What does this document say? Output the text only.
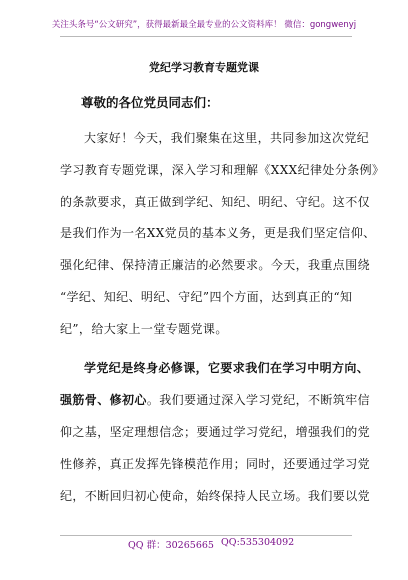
关注头条号“公文研究”，获得最新最全最专业的公文资料库！ 微信：gongwenyj
党纪学习教育专题党课
尊敬的各位党员同志们：
大家好！今天，我们聚集在这里，共同参加这次党纪
学习教育专题党课，深入学习和理解《XXX纪律处分条例》
的条款要求，真正做到学纪、知纪、明纪、守纪。这不仅
是我们作为一名XX党员的基本义务，更是我们坚定信仰、
强化纪律、保持清正廉洁的必然要求。今天，我重点围绕
“学纪、知纪、明纪、守纪”四个方面，达到真正的“知
纪”，给大家上一堂专题党课。
学党纪是终身必修课，它要求我们在学习中明方向、
强筋骨、修初心。我们要通过深入学习党纪，不断筑牢信
仰之基，坚定理想信念；要通过学习党纪，增强我们的党
性修养，真正发挥先锋模范作用；同时，还要通过学习党
纪，不断回归初心使命，始终保持人民立场。我们要以党
QQ 群：30265665 QQ:535304092
